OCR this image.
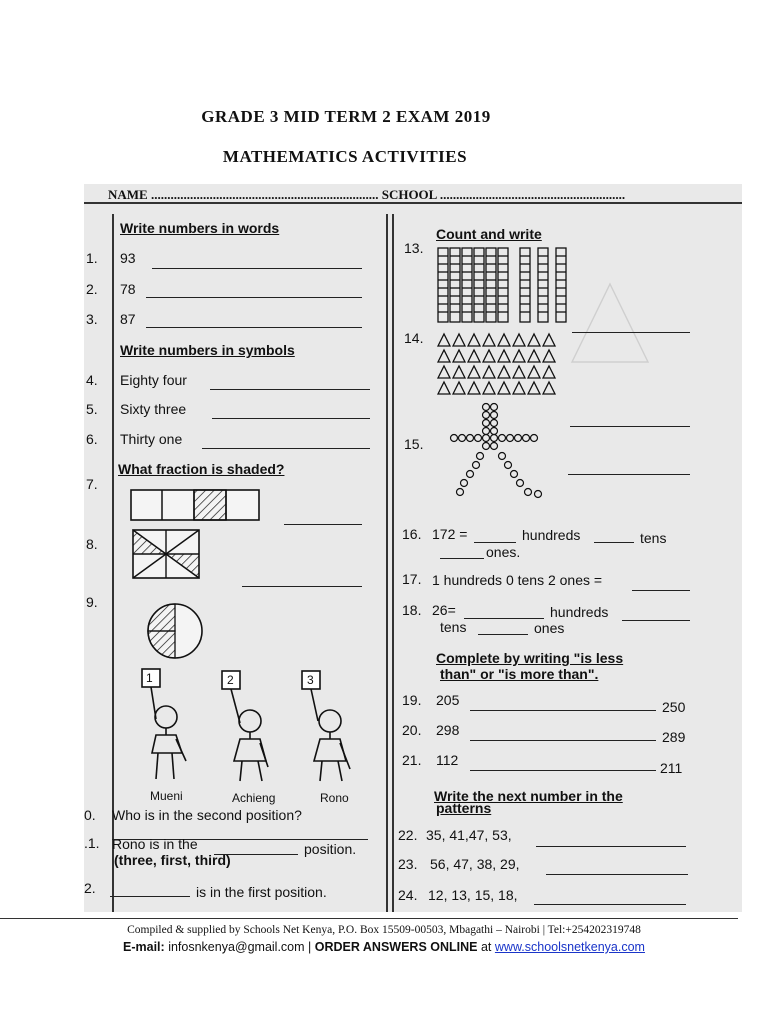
GRADE 3 MID TERM 2 EXAM 2019
MATHEMATICS ACTIVITIES
NAME ...................................................................... SCHOOL .........................................................
Write numbers in words
1. 93
2. 78
3. 87
Write numbers in symbols
4. Eighty four
5. Sixty three
6. Thirty one
What fraction is shaded?
7.
8.
9.
1	2	3
Mueni	Achieng	Rono
0. Who is in the second position?
.1. Rono is in the	position.
(three, first, third)
2.	is in the first position.
13.
Count and write
14.
15.
16. 172 =	hundreds	tens
ones.
17. 1 hundreds 0 tens 2 ones =
18. 26=	hundreds
tens	ones
Complete by writing "is less
than" or "is more than".
19. 205	250
20. 298	289
21. 112	211
Write the next number in the
patterns
22. 35, 41,47, 53,
23. 56, 47, 38, 29,
24. 12, 13, 15, 18,
Compiled & supplied by Schools Net Kenya, P.O. Box 15509-00503, Mbagathi – Nairobi | Tel:+254202319748
E-mail: infosnkenya@gmail.com | ORDER ANSWERS ONLINE at www.schoolsnetkenya.com
